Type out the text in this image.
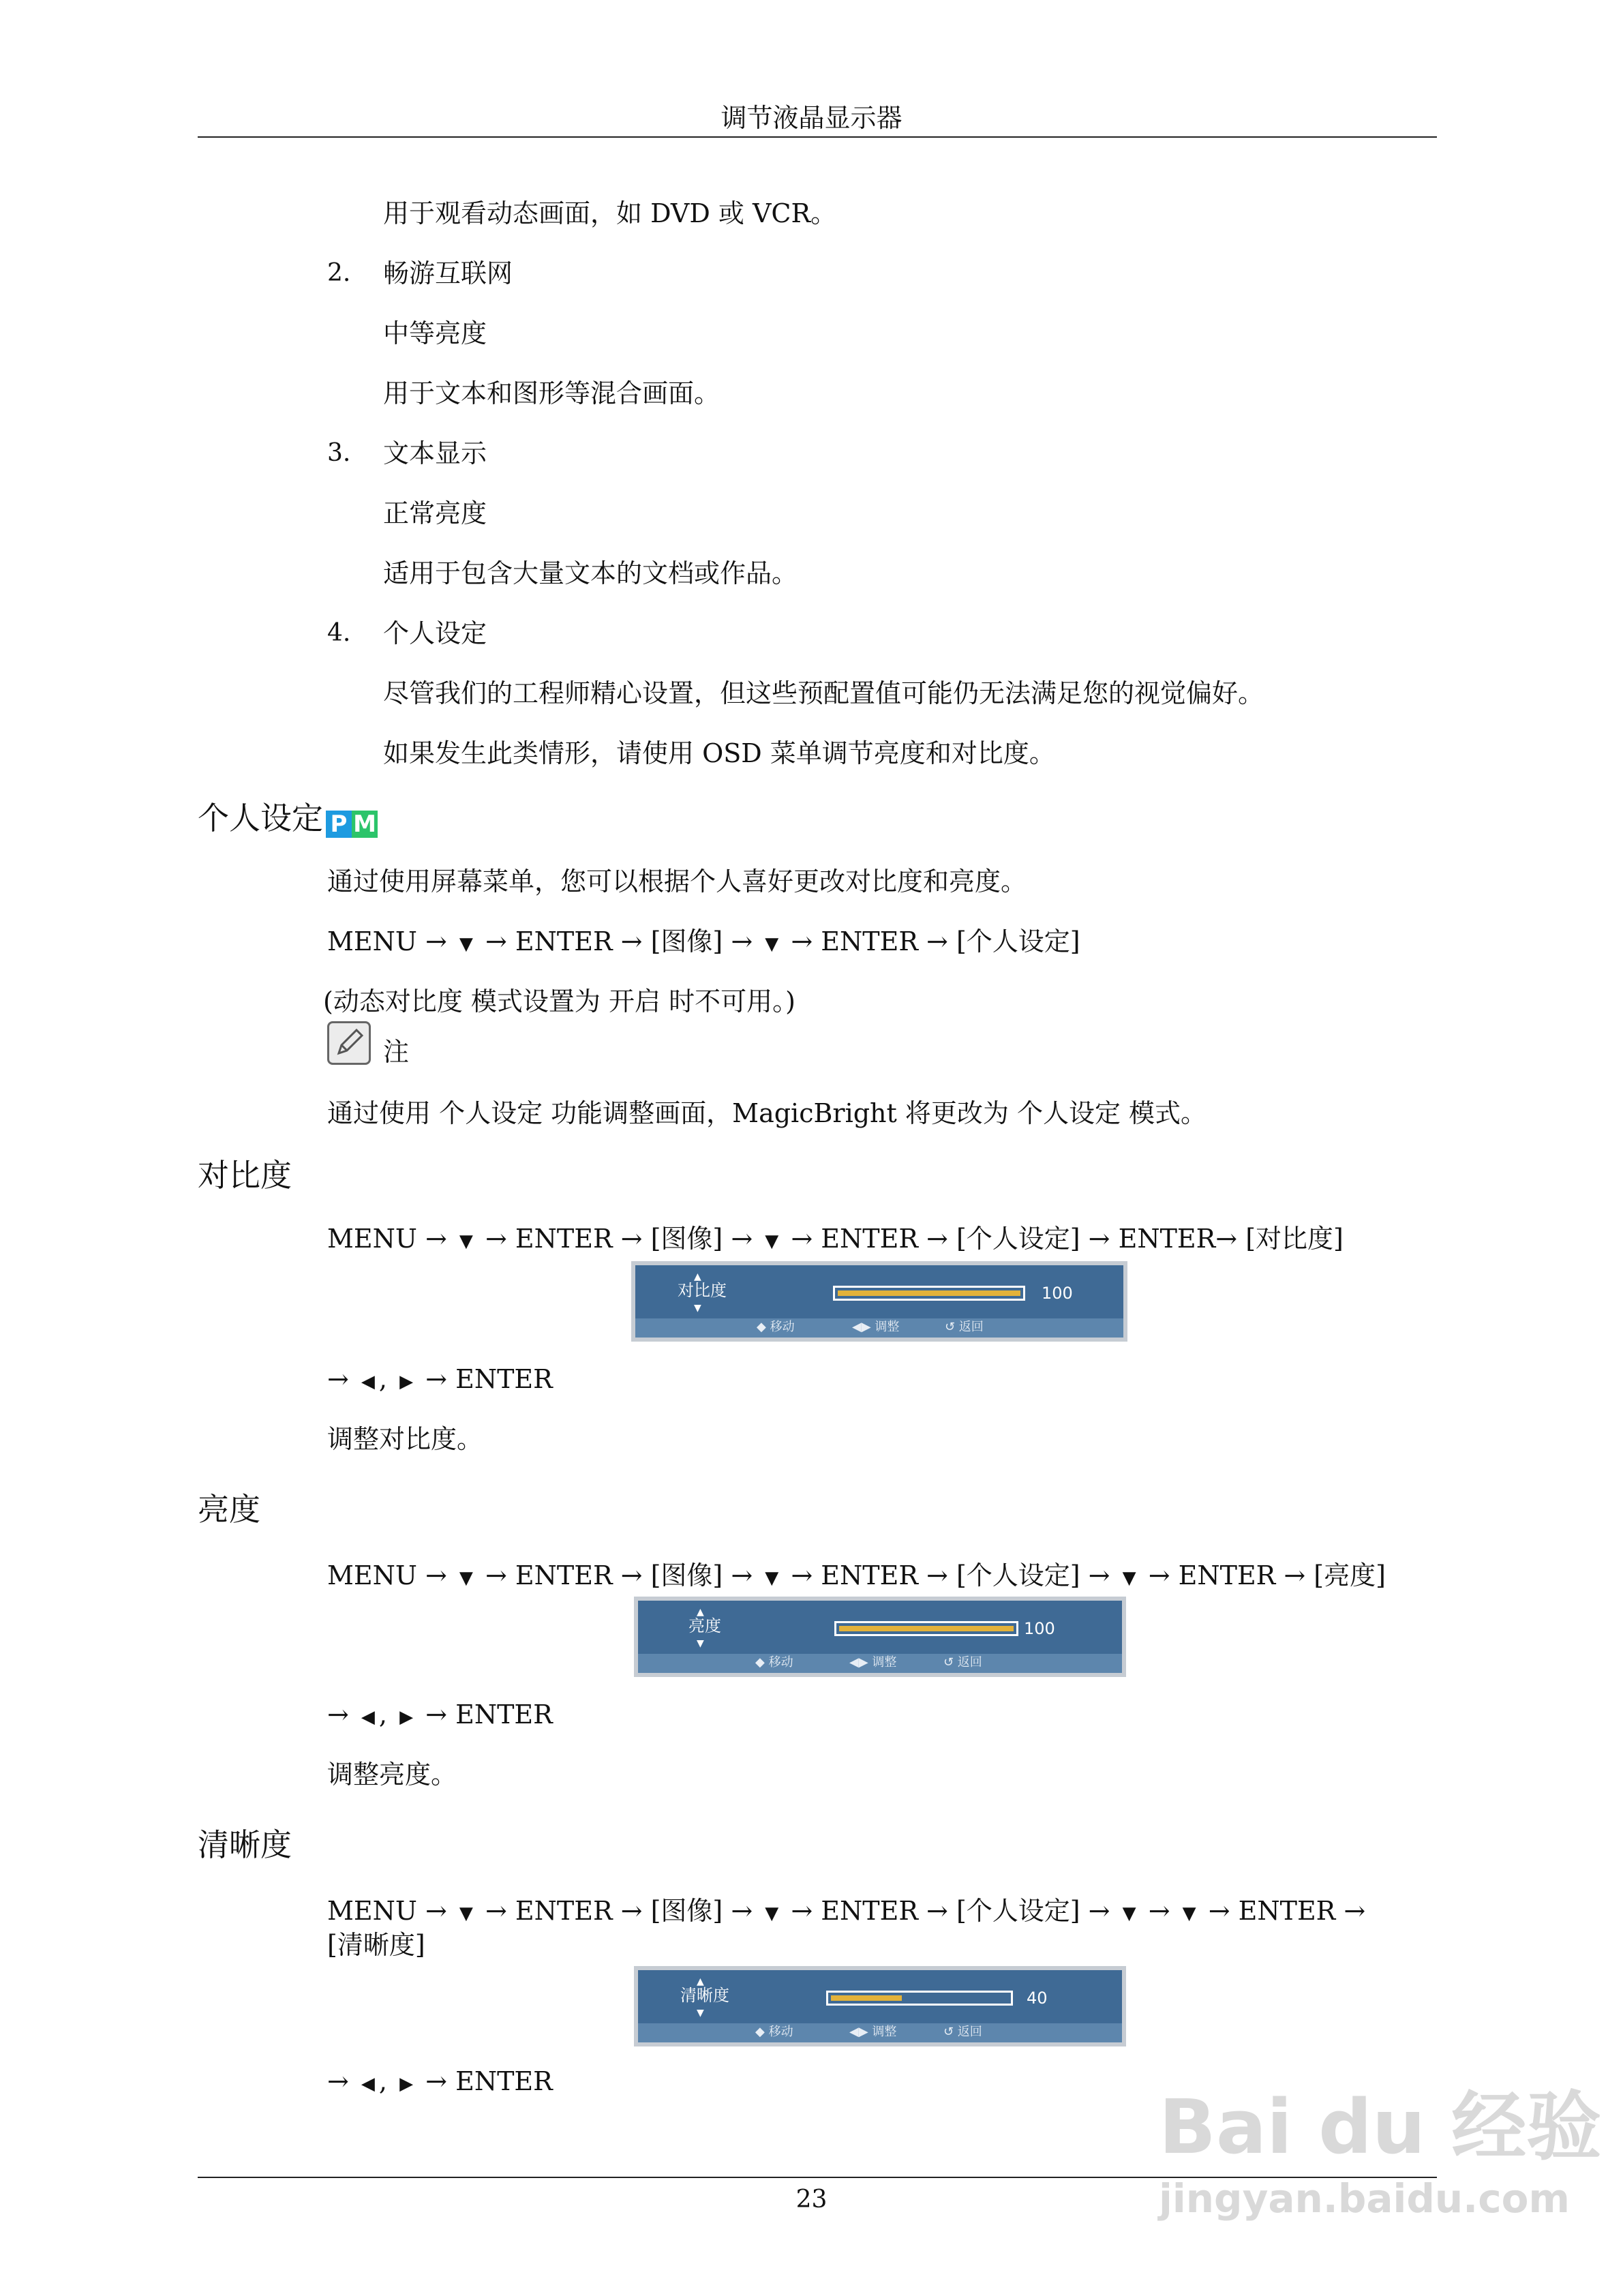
调节液晶显示器
用于观看动态画面，如 DVD 或 VCR。
2. 畅游互联网
中等亮度
用于文本和图形等混合画面。
3. 文本显示
正常亮度
适用于包含大量文本的文档或作品。
4. 个人设定
尽管我们的工程师精心设置，但这些预配置值可能仍无法满足您的视觉偏好。
如果发生此类情形，请使用 OSD 菜单调节亮度和对比度。
个人设定 P M
通过使用屏幕菜单，您可以根据个人喜好更改对比度和亮度。
MENU → ▼ → ENTER → [图像] → ▼ → ENTER → [个人设定]
(动态对比度 模式设置为 开启 时不可用。)
注
通过使用 个人设定 功能调整画面，MagicBright 将更改为 个人设定 模式。
对比度
MENU → ▼ → ENTER → [图像] → ▼ → ENTER → [个人设定] → ENTER→ [对比度]
▲
对比度
▼
100
◆ 移动	◀▶ 调整	↺ 返回
→ ◀ , ▶ → ENTER
调整对比度。
亮度
MENU → ▼ → ENTER → [图像] → ▼ → ENTER → [个人设定] → ▼ → ENTER → [亮度]
▲
亮度
▼
100
◆ 移动	◀▶ 调整	↺ 返回
→ ◀ , ▶ → ENTER
调整亮度。
清晰度
MENU → ▼ → ENTER → [图像] → ▼ → ENTER → [个人设定] → ▼ → ▼ → ENTER →
[清晰度]
▲
清晰度
▼
40
◆ 移动	◀▶ 调整	↺ 返回
→ ◀ , ▶ → ENTER
23
Bai du 经验
jingyan.baidu.com
